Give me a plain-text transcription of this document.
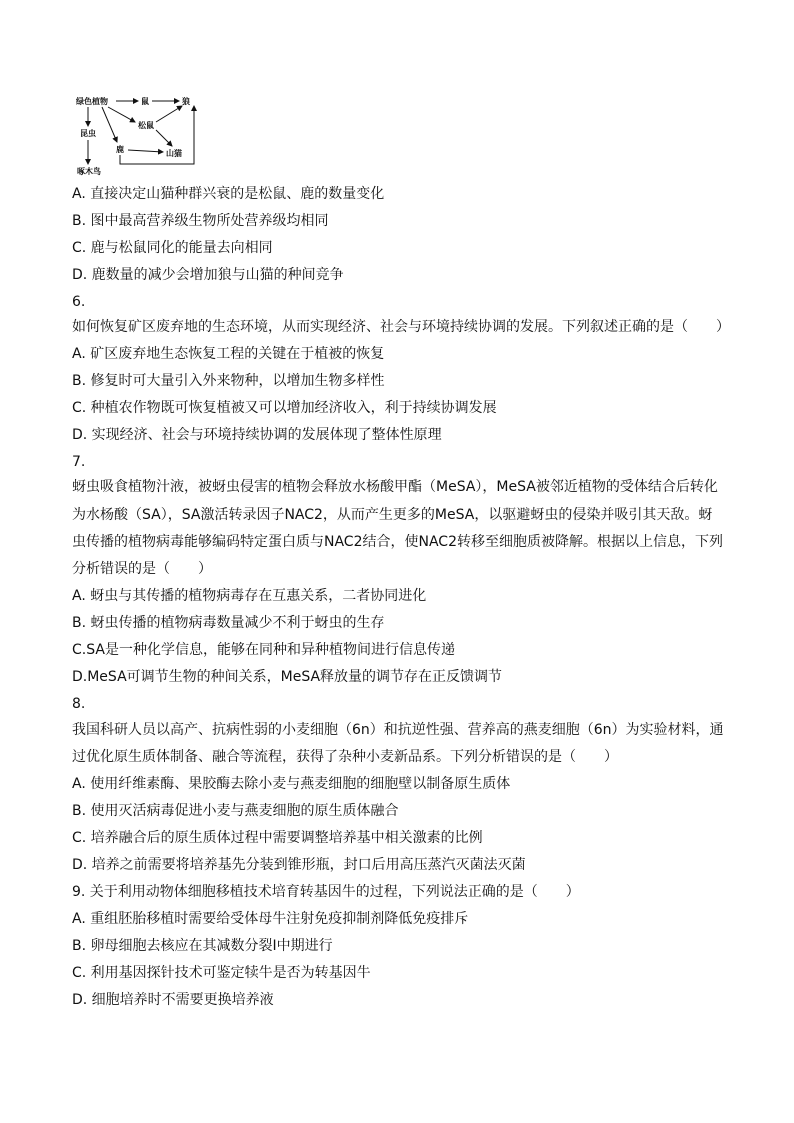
绿色植物	鼠	狼
昆虫
松鼠
鹿	山猫
啄木鸟
A. 直接决定山猫种群兴衰的是松鼠、鹿的数量变化
B. 图中最高营养级生物所处营养级均相同
C. 鹿与松鼠同化的能量去向相同
D. 鹿数量的减少会增加狼与山猫的种间竞争
6.
如何恢复矿区废弃地的生态环境，从而实现经济、社会与环境持续协调的发展。下列叙述正确的是（　　）
A. 矿区废弃地生态恢复工程的关键在于植被的恢复
B. 修复时可大量引入外来物种，以增加生物多样性
C. 种植农作物既可恢复植被又可以增加经济收入，利于持续协调发展
D. 实现经济、社会与环境持续协调的发展体现了整体性原理
7.
蚜虫吸食植物汁液，被蚜虫侵害的植物会释放水杨酸甲酯（MeSA），MeSA被邻近植物的受体结合后转化
为水杨酸（SA），SA激活转录因子NAC2，从而产生更多的MeSA，以驱避蚜虫的侵染并吸引其天敌。蚜
虫传播的植物病毒能够编码特定蛋白质与NAC2结合，使NAC2转移至细胞质被降解。根据以上信息，下列
分析错误的是（　　）
A. 蚜虫与其传播的植物病毒存在互惠关系，二者协同进化
B. 蚜虫传播的植物病毒数量减少不利于蚜虫的生存
C.SA是一种化学信息，能够在同种和异种植物间进行信息传递
D.MeSA可调节生物的种间关系，MeSA释放量的调节存在正反馈调节
8.
我国科研人员以高产、抗病性弱的小麦细胞（6n）和抗逆性强、营养高的燕麦细胞（6n）为实验材料，通
过优化原生质体制备、融合等流程，获得了杂种小麦新品系。下列分析错误的是（　　）
A. 使用纤维素酶、果胶酶去除小麦与燕麦细胞的细胞壁以制备原生质体
B. 使用灭活病毒促进小麦与燕麦细胞的原生质体融合
C. 培养融合后的原生质体过程中需要调整培养基中相关激素的比例
D. 培养之前需要将培养基先分装到锥形瓶，封口后用高压蒸汽灭菌法灭菌
9. 关于利用动物体细胞移植技术培育转基因牛的过程，下列说法正确的是（　　）
A. 重组胚胎移植时需要给受体母牛注射免疫抑制剂降低免疫排斥
B. 卵母细胞去核应在其减数分裂Ⅰ中期进行
C. 利用基因探针技术可鉴定犊牛是否为转基因牛
D. 细胞培养时不需要更换培养液
